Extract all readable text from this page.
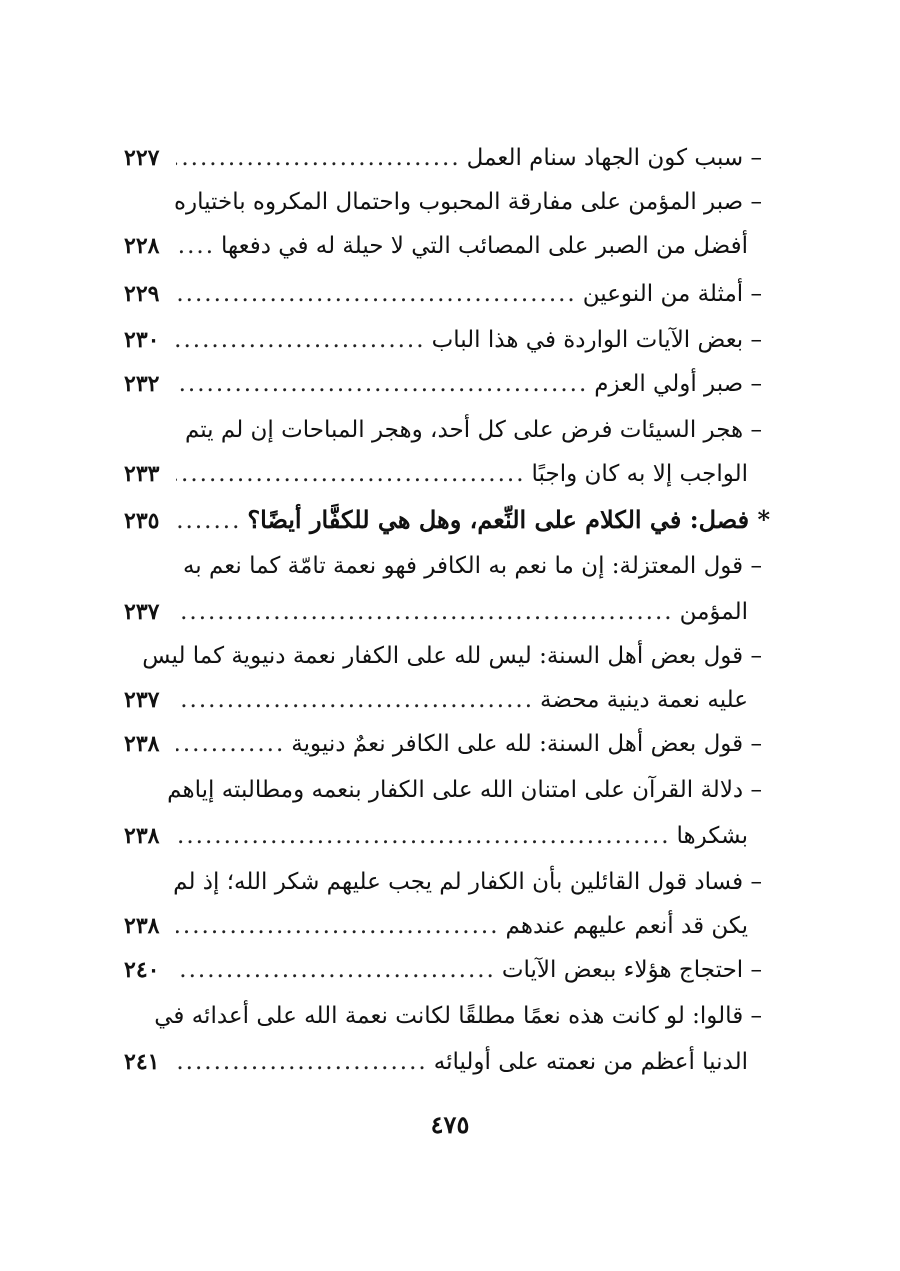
– سبب كون الجهاد سنام العمل
.....
٢٢٧
– صبر المؤمن على مفارقة المحبوب واحتمال المكروه باختياره
أفضل من الصبر على المصائب التي لا حيلة له في دفعها
.....
٢٢٨
– أمثلة من النوعين
.....
٢٢٩
– بعض الآيات الواردة في هذا الباب
.....
٢٣٠
– صبر أولي العزم
.....
٢٣٢
– هجر السيئات فرض على كل أحد، وهجر المباحات إن لم يتم
الواجب إلا به كان واجبًا
.....
٢٣٣
* فصل: في الكلام على النِّعم، وهل هي للكفَّار أيضًا؟
.....
٢٣٥
– قول المعتزلة: إن ما نعم به الكافر فهو نعمة تامّة كما نعم به
المؤمن
.....
٢٣٧
– قول بعض أهل السنة: ليس لله على الكفار نعمة دنيوية كما ليس
عليه نعمة دينية محضة
.....
٢٣٧
– قول بعض أهل السنة: لله على الكافر نعمٌ دنيوية
.....
٢٣٨
– دلالة القرآن على امتنان الله على الكفار بنعمه ومطالبته إياهم
بشكرها
.....
٢٣٨
– فساد قول القائلين بأن الكفار لم يجب عليهم شكر الله؛ إذ لم
يكن قد أنعم عليهم عندهم
.....
٢٣٨
– احتجاج هؤلاء ببعض الآيات
.....
٢٤٠
– قالوا: لو كانت هذه نعمًا مطلقًا لكانت نعمة الله على أعدائه في
الدنيا أعظم من نعمته على أوليائه
.....
٢٤١
٤٧٥
